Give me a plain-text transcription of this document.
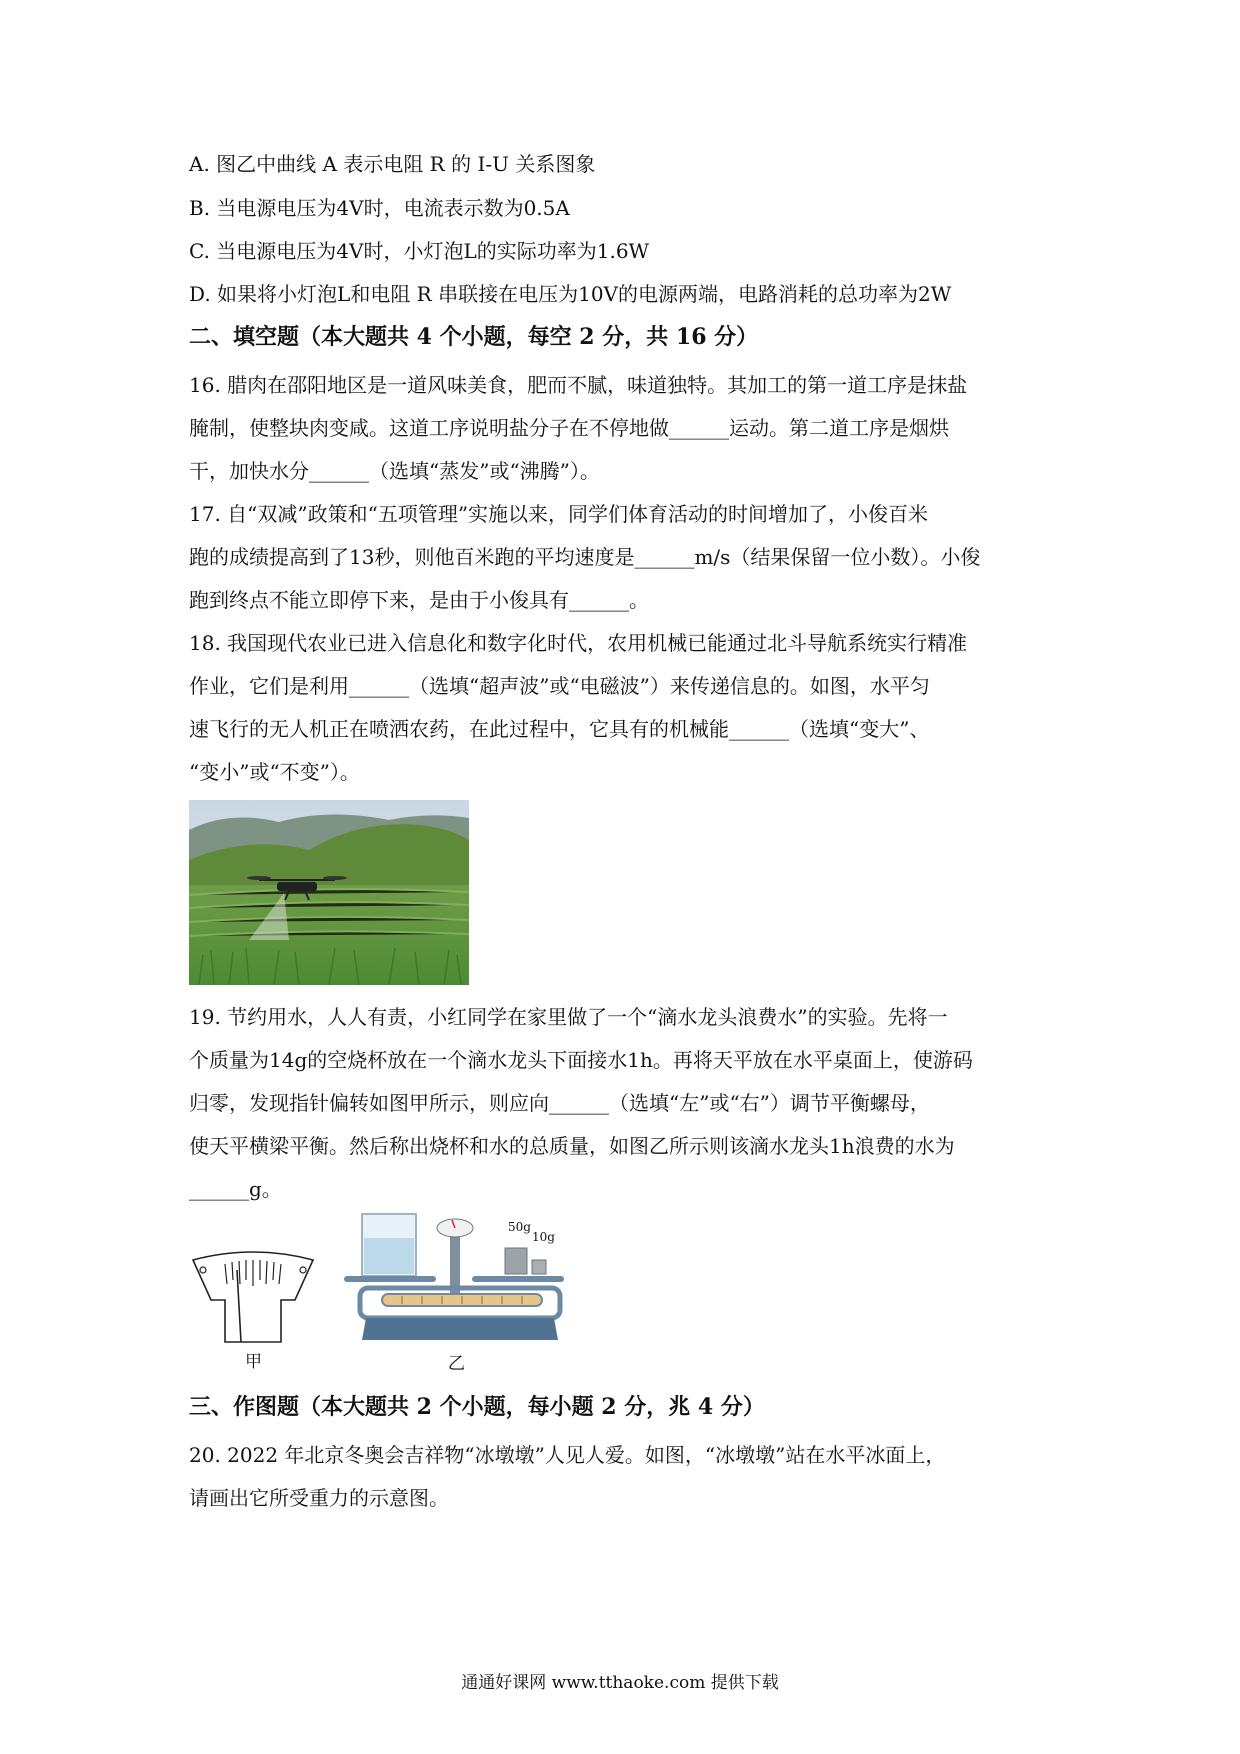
A. 图乙中曲线 A 表示电阻 R 的 I-U 关系图象
B. 当电源电压为4V时，电流表示数为0.5A
C. 当电源电压为4V时，小灯泡L的实际功率为1.6W
D. 如果将小灯泡L和电阻 R 串联接在电压为10V的电源两端，电路消耗的总功率为2W
二、填空题（本大题共 4 个小题，每空 2 分，共 16 分）
16. 腊肉在邵阳地区是一道风味美食，肥而不腻，味道独特。其加工的第一道工序是抹盐
腌制，使整块肉变咸。这道工序说明盐分子在不停地做______运动。第二道工序是烟烘
干，加快水分______（选填“蒸发”或“沸腾”）。
17. 自“双减”政策和“五项管理”实施以来，同学们体育活动的时间增加了，小俊百米
跑的成绩提高到了13秒，则他百米跑的平均速度是______m/s（结果保留一位小数）。小俊
跑到终点不能立即停下来，是由于小俊具有______。
18. 我国现代农业已进入信息化和数字化时代，农用机械已能通过北斗导航系统实行精准
作业，它们是利用______（选填“超声波”或“电磁波”）来传递信息的。如图，水平匀
速飞行的无人机正在喷洒农药，在此过程中，它具有的机械能______（选填“变大”、
“变小”或“不变”）。
19. 节约用水，人人有责，小红同学在家里做了一个“滴水龙头浪费水”的实验。先将一
个质量为14g的空烧杯放在一个滴水龙头下面接水1h。再将天平放在水平桌面上，使游码
归零，发现指针偏转如图甲所示，则应向______（选填“左”或“右”）调节平衡螺母，
使天平横梁平衡。然后称出烧杯和水的总质量，如图乙所示则该滴水龙头1h浪费的水为
______g。
甲
50g
10g
乙
三、作图题（本大题共 2 个小题，每小题 2 分，兆 4 分）
20. 2022 年北京冬奥会吉祥物“冰墩墩”人见人爱。如图，“冰墩墩”站在水平冰面上，
请画出它所受重力的示意图。
通通好课网 www.tthaoke.com 提供下载
